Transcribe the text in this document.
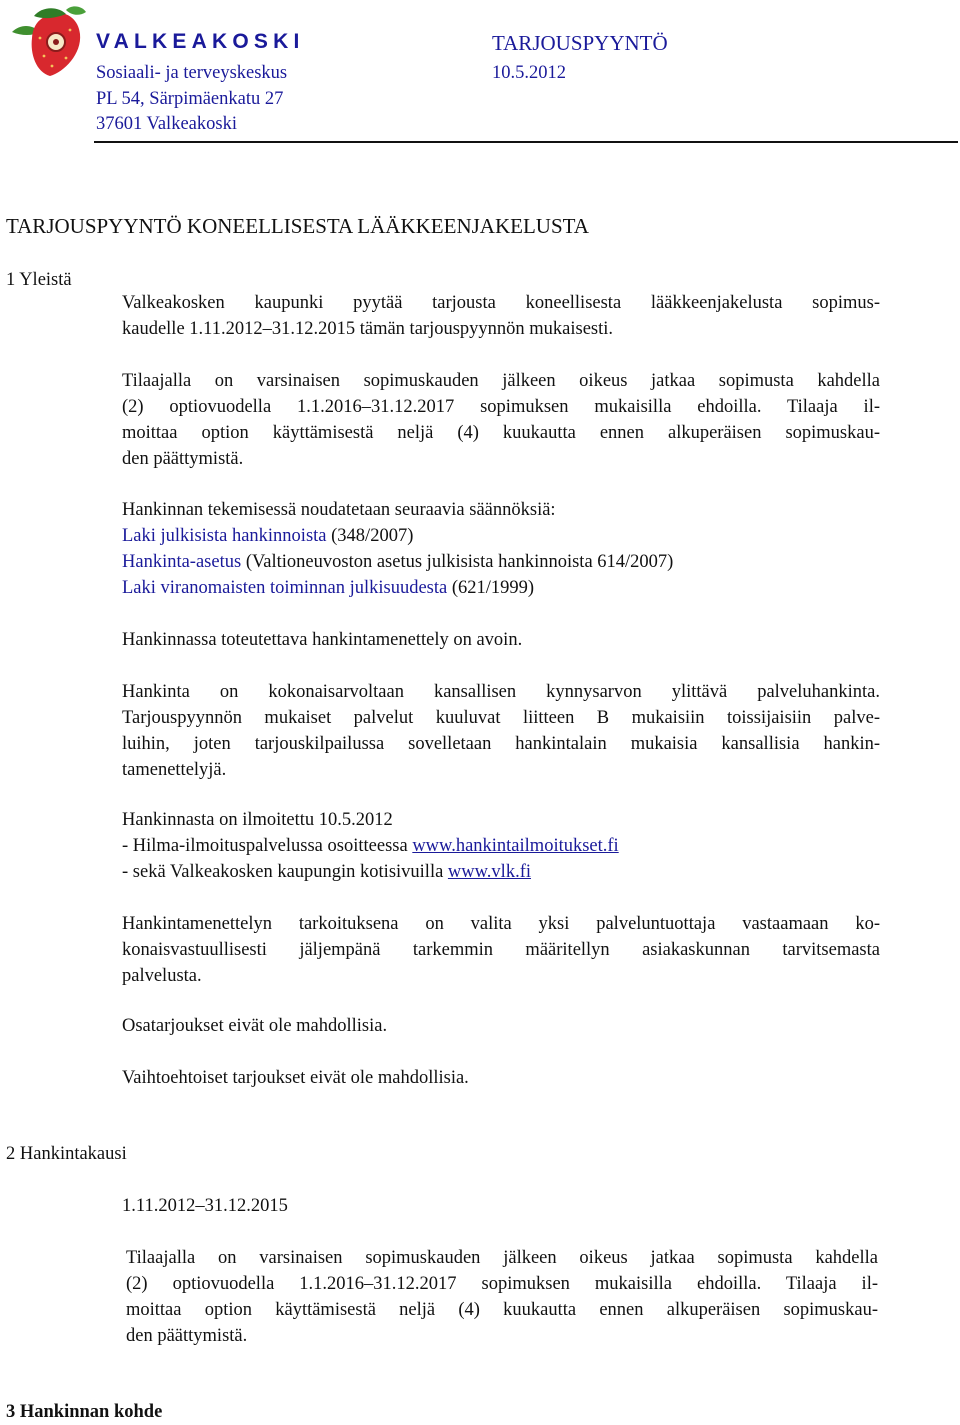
VALKEAKOSKI
Sosiaali- ja terveyskeskus
PL 54, Särpimäenkatu 27
37601 Valkeakoski
TARJOUSPYYNTÖ
10.5.2012
TARJOUSPYYNTÖ KONEELLISESTA LÄÄKKEENJAKELUSTA
1 Yleistä
Valkeakosken kaupunki pyytää tarjousta koneellisesta lääkkeenjakelusta sopimus-
kaudelle 1.11.2012–31.12.2015 tämän tarjouspyynnön mukaisesti.
Tilaajalla on varsinaisen sopimuskauden jälkeen oikeus jatkaa sopimusta kahdella
(2) optiovuodella 1.1.2016–31.12.2017 sopimuksen mukaisilla ehdoilla. Tilaaja il-
moittaa option käyttämisestä neljä (4) kuukautta ennen alkuperäisen sopimuskau-
den päättymistä.
Hankinnan tekemisessä noudatetaan seuraavia säännöksiä:
Laki julkisista hankinnoista (348/2007)
Hankinta-asetus (Valtioneuvoston asetus julkisista hankinnoista 614/2007)
Laki viranomaisten toiminnan julkisuudesta (621/1999)
Hankinnassa toteutettava hankintamenettely on avoin.
Hankinta on kokonaisarvoltaan kansallisen kynnysarvon ylittävä palveluhankinta.
Tarjouspyynnön mukaiset palvelut kuuluvat liitteen B mukaisiin toissijaisiin palve-
luihin, joten tarjouskilpailussa sovelletaan hankintalain mukaisia kansallisia hankin-
tamenettelyjä.
Hankinnasta on ilmoitettu 10.5.2012
- Hilma-ilmoituspalvelussa osoitteessa www.hankintailmoitukset.fi
- sekä Valkeakosken kaupungin kotisivuilla www.vlk.fi
Hankintamenettelyn tarkoituksena on valita yksi palveluntuottaja vastaamaan ko-
konaisvastuullisesti jäljempänä tarkemmin määritellyn asiakaskunnan tarvitsemasta
palvelusta.
Osatarjoukset eivät ole mahdollisia.
Vaihtoehtoiset tarjoukset eivät ole mahdollisia.
2 Hankintakausi
1.11.2012–31.12.2015
Tilaajalla on varsinaisen sopimuskauden jälkeen oikeus jatkaa sopimusta kahdella
(2) optiovuodella 1.1.2016–31.12.2017 sopimuksen mukaisilla ehdoilla. Tilaaja il-
moittaa option käyttämisestä neljä (4) kuukautta ennen alkuperäisen sopimuskau-
den päättymistä.
3 Hankinnan kohde
